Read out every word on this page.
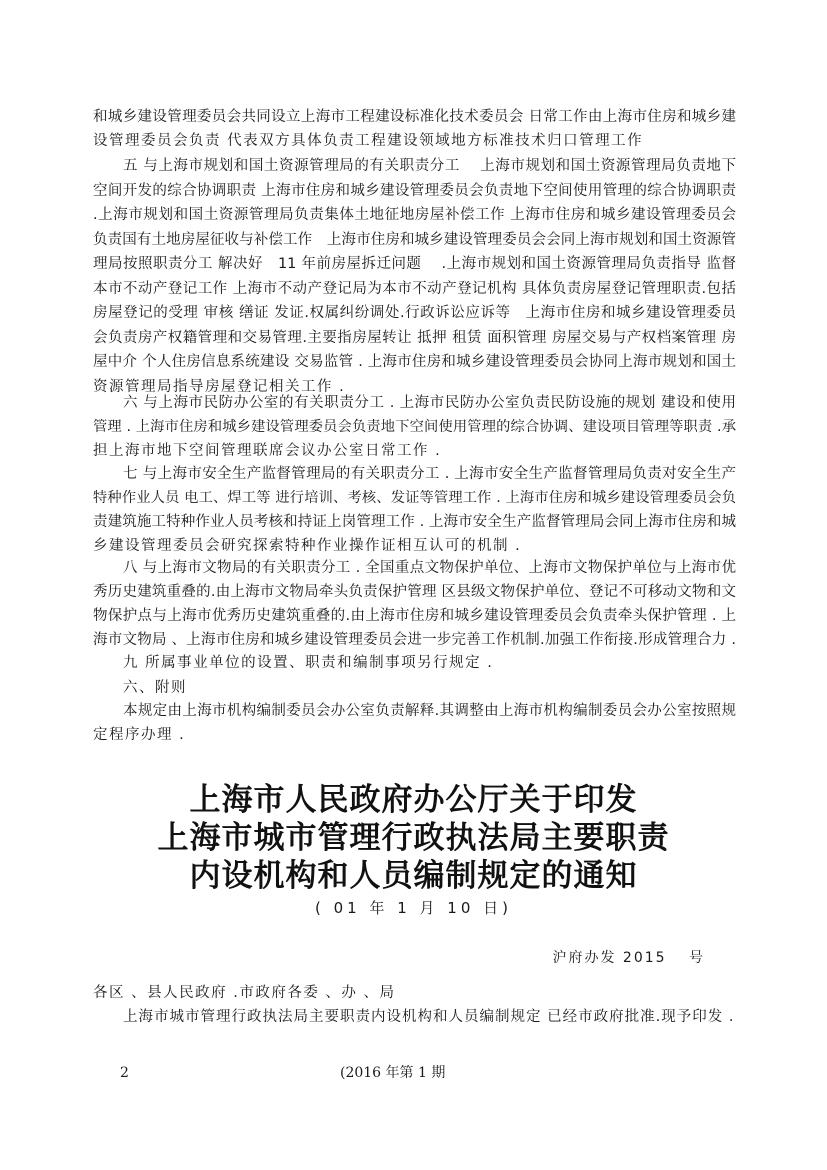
和城乡建设管理委员会共同设立上海市工程建设标准化技术委员会 日常工作由上海市住房和城乡建
设管理委员会负责 代表双方具体负责工程建设领域地方标准技术归口管理工作
五 与上海市规划和国土资源管理局的有关职责分工　 上海市规划和国土资源管理局负责地下
空间开发的综合协调职责 上海市住房和城乡建设管理委员会负责地下空间使用管理的综合协调职责
.上海市规划和国土资源管理局负责集体土地征地房屋补偿工作 上海市住房和城乡建设管理委员会
负责国有土地房屋征收与补偿工作　上海市住房和城乡建设管理委员会会同上海市规划和国土资源管
理局按照职责分工 解决好　11 年前房屋拆迁问题　 .上海市规划和国土资源管理局负责指导 监督
本市不动产登记工作 上海市不动产登记局为本市不动产登记机构 具体负责房屋登记管理职责.包括
房屋登记的受理 审核 缮证 发证.权属纠纷调处.行政诉讼应诉等　上海市住房和城乡建设管理委员
会负责房产权籍管理和交易管理.主要指房屋转让 抵押 租赁 面积管理 房屋交易与产权档案管理 房
屋中介 个人住房信息系统建设 交易监管 . 上海市住房和城乡建设管理委员会协同上海市规划和国土
资源管理局指导房屋登记相关工作 .
六 与上海市民防办公室的有关职责分工 . 上海市民防办公室负责民防设施的规划 建设和使用
管理 . 上海市住房和城乡建设管理委员会负责地下空间使用管理的综合协调、建设项目管理等职责 .承
担上海市地下空间管理联席会议办公室日常工作 .
七 与上海市安全生产监督管理局的有关职责分工 . 上海市安全生产监督管理局负责对安全生产
特种作业人员 电工、焊工等 进行培训、考核、发证等管理工作 . 上海市住房和城乡建设管理委员会负
责建筑施工特种作业人员考核和持证上岗管理工作 . 上海市安全生产监督管理局会同上海市住房和城
乡建设管理委员会研究探索特种作业操作证相互认可的机制 .
八 与上海市文物局的有关职责分工 . 全国重点文物保护单位、上海市文物保护单位与上海市优
秀历史建筑重叠的.由上海市文物局牵头负责保护管理 区县级文物保护单位、登记不可移动文物和文
物保护点与上海市优秀历史建筑重叠的.由上海市住房和城乡建设管理委员会负责牵头保护管理 . 上
海市文物局 、上海市住房和城乡建设管理委员会进一步完善工作机制.加强工作衔接.形成管理合力 .
九 所属事业单位的设置、职责和编制事项另行规定 .
六、附则
本规定由上海市机构编制委员会办公室负责解释.其调整由上海市机构编制委员会办公室按照规
定程序办理 .
上海市人民政府办公厅关于印发
上海市城市管理行政执法局主要职责
内设机构和人员编制规定的通知
( 01 年 1 月 10 日)
沪府办发 2015　 号
各区 、县人民政府 .市政府各委 、办 、局
上海市城市管理行政执法局主要职责内设机构和人员编制规定 已经市政府批准.现予印发 .
2	(2016 年第 1 期
